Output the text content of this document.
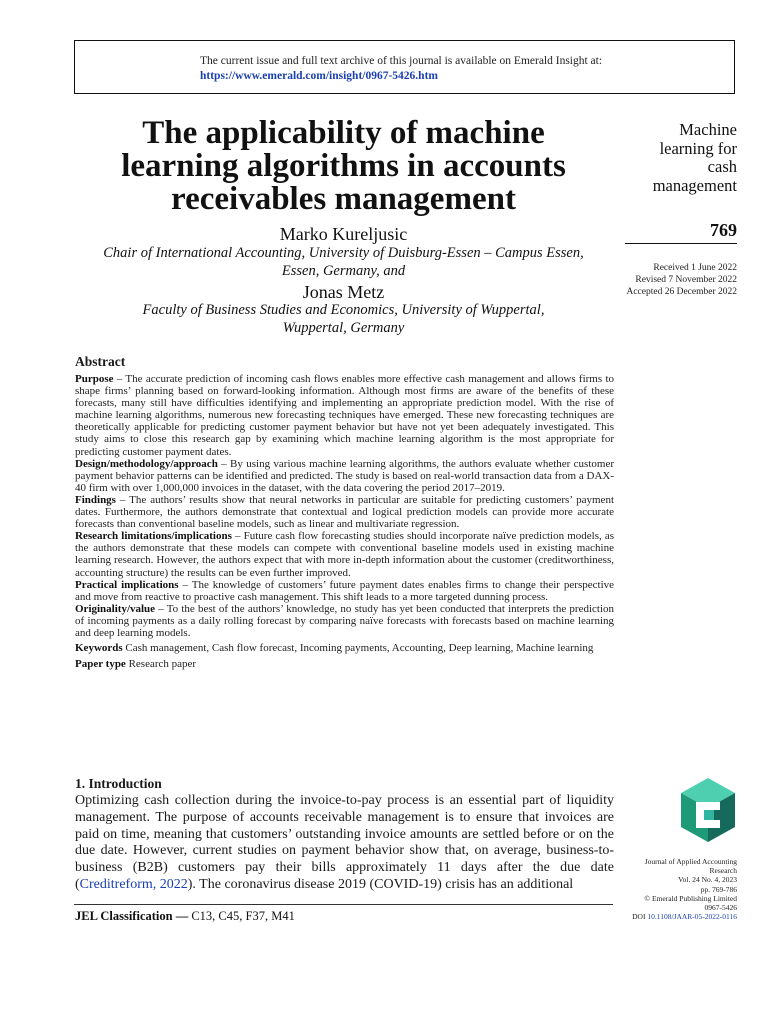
The current issue and full text archive of this journal is available on Emerald Insight at:
https://www.emerald.com/insight/0967-5426.htm
The applicability of machine
learning algorithms in accounts
receivables management
Marko Kureljusic
Chair of International Accounting, University of Duisburg-Essen – Campus Essen,
Essen, Germany, and
Jonas Metz
Faculty of Business Studies and Economics, University of Wuppertal,
Wuppertal, Germany
Machine
learning for
cash
management
769
Received 1 June 2022
Revised 7 November 2022
Accepted 26 December 2022
Abstract

Purpose – The accurate prediction of incoming cash flows enables more effective cash management and allows firms to shape firms’ planning based on forward-looking information. Although most firms are aware of the benefits of these forecasts, many still have difficulties identifying and implementing an appropriate prediction model. With the rise of machine learning algorithms, numerous new forecasting techniques have emerged. These new forecasting techniques are theoretically applicable for predicting customer payment behavior but have not yet been adequately investigated. This study aims to close this research gap by examining which machine learning algorithm is the most appropriate for predicting customer payment dates.

Design/methodology/approach – By using various machine learning algorithms, the authors evaluate whether customer payment behavior patterns can be identified and predicted. The study is based on real-world transaction data from a DAX-40 firm with over 1,000,000 invoices in the dataset, with the data covering the period 2017–2019.

Findings – The authors’ results show that neural networks in particular are suitable for predicting customers’ payment dates. Furthermore, the authors demonstrate that contextual and logical prediction models can provide more accurate forecasts than conventional baseline models, such as linear and multivariate regression.

Research limitations/implications – Future cash flow forecasting studies should incorporate naïve prediction models, as the authors demonstrate that these models can compete with conventional baseline models used in existing machine learning research. However, the authors expect that with more in-depth information about the customer (creditworthiness, accounting structure) the results can be even further improved.

Practical implications – The knowledge of customers’ future payment dates enables firms to change their perspective and move from reactive to proactive cash management. This shift leads to a more targeted dunning process.

Originality/value – To the best of the authors’ knowledge, no study has yet been conducted that interprets the prediction of incoming payments as a daily rolling forecast by comparing naïve forecasts with forecasts based on machine learning and deep learning models.

Keywords Cash management, Cash flow forecast, Incoming payments, Accounting, Deep learning, Machine learning

Paper type Research paper

1. Introduction

Optimizing cash collection during the invoice-to-pay process is an essential part of liquidity management. The purpose of accounts receivable management is to ensure that invoices are paid on time, meaning that customers’ outstanding invoice amounts are settled before or on the due date. However, current studies on payment behavior show that, on average, business-to-business (B2B) customers pay their bills approximately 11 days after the due date (Creditreform, 2022). The coronavirus disease 2019 (COVID-19) crisis has an additional

JEL Classification — C13, C45, F37, M41
Journal of Applied Accounting
Research
Vol. 24 No. 4, 2023
pp. 769-786
© Emerald Publishing Limited
0967-5426
DOI 10.1108/JAAR-05-2022-0116
